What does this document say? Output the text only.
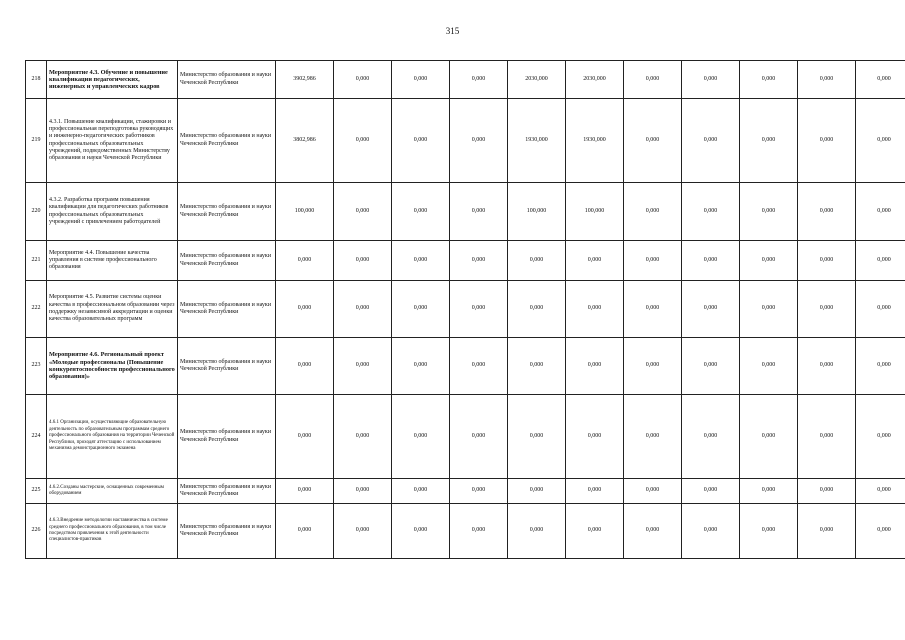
315
218	Мероприятие 4.3. Обучение и повышение квалификации педагогических, инженерных и управленческих кадров	Министерство образования и науки Чеченской Республики	3902,986	0,000	0,000	0,000	2030,000	2030,000	0,000	0,000	0,000	0,000	0,000
219	4.3.1. Повышение квалификации, стажировки и профессиональная переподготовка руководящих и инженерно-педагогических работников профессиональных образовательных учреждений, подведомственных Министерству образования и науки Чеченской Республики	Министерство образования и науки Чеченской Республики	3802,986	0,000	0,000	0,000	1930,000	1930,000	0,000	0,000	0,000	0,000	0,000
220	4.3.2. Разработка программ повышения квалификации для педагогических работников профессиональных образовательных учреждений с привлечением работодателей	Министерство образования и науки Чеченской Республики	100,000	0,000	0,000	0,000	100,000	100,000	0,000	0,000	0,000	0,000	0,000
221	Мероприятие 4.4. Повышение качества управления в системе профессионального образования	Министерство образования и науки Чеченской Республики	0,000	0,000	0,000	0,000	0,000	0,000	0,000	0,000	0,000	0,000	0,000
222	Мероприятие 4.5. Развитие системы оценки качества в профессиональном образовании через поддержку независимой аккредитации и оценки качества образовательных программ	Министерство образования и науки Чеченской Республики	0,000	0,000	0,000	0,000	0,000	0,000	0,000	0,000	0,000	0,000	0,000
223	Мероприятие 4.6. Региональный проект «Молодые профессионалы (Повышение конкурентоспособности профессионального образования)»	Министерство образования и науки Чеченской Республики	0,000	0,000	0,000	0,000	0,000	0,000	0,000	0,000	0,000	0,000	0,000
224	4.6.1 Организации, осуществляющие образовательную деятельность по образовательным программам среднего профессионального образования на территории Чеченской Республики, проходят аттестацию с использованием механизма демонстрационного экзамена	Министерство образования и науки Чеченской Республики	0,000	0,000	0,000	0,000	0,000	0,000	0,000	0,000	0,000	0,000	0,000
225	4.6.2.Созданы мастерские, оснащенных современным оборудованием	Министерство образования и науки Чеченской Республики	0,000	0,000	0,000	0,000	0,000	0,000	0,000	0,000	0,000	0,000	0,000
226	4.6.3.Внедрение методологии наставничества в системе среднего профессионального образования, в том числе посредством привлечения к этой деятельности специалистов-практиков	Министерство образования и науки Чеченской Республики	0,000	0,000	0,000	0,000	0,000	0,000	0,000	0,000	0,000	0,000	0,000
